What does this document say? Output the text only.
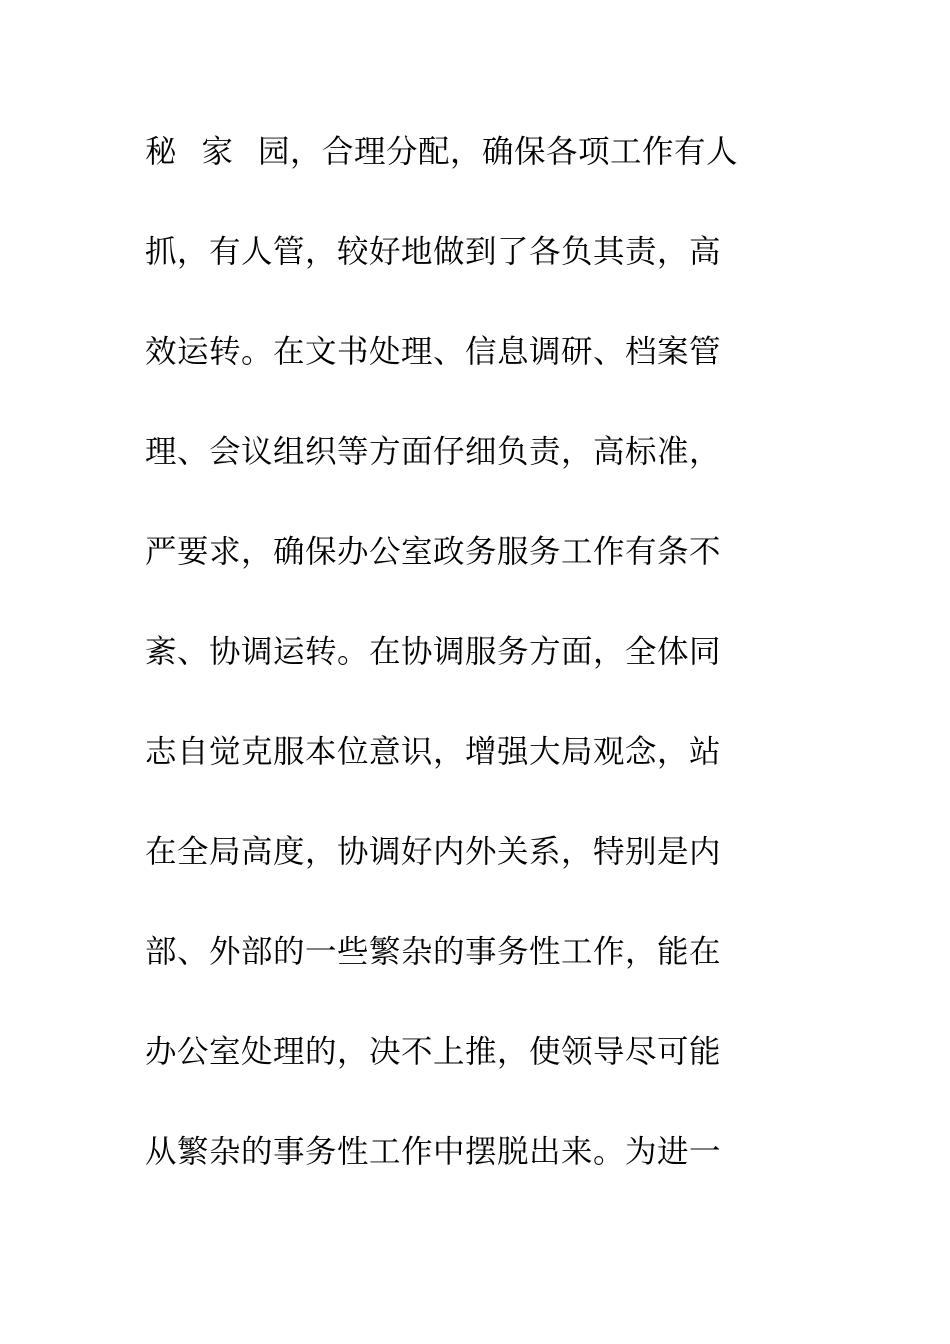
秘 家 园，合理分配，确保各项工作有人
抓，有人管，较好地做到了各负其责，高
效运转。在文书处理、信息调研、档案管
理、会议组织等方面仔细负责，高标准，
严要求，确保办公室政务服务工作有条不
紊、协调运转。在协调服务方面，全体同
志自觉克服本位意识，增强大局观念，站
在全局高度，协调好内外关系，特别是内
部、外部的一些繁杂的事务性工作，能在
办公室处理的，决不上推，使领导尽可能
从繁杂的事务性工作中摆脱出来。为进一
